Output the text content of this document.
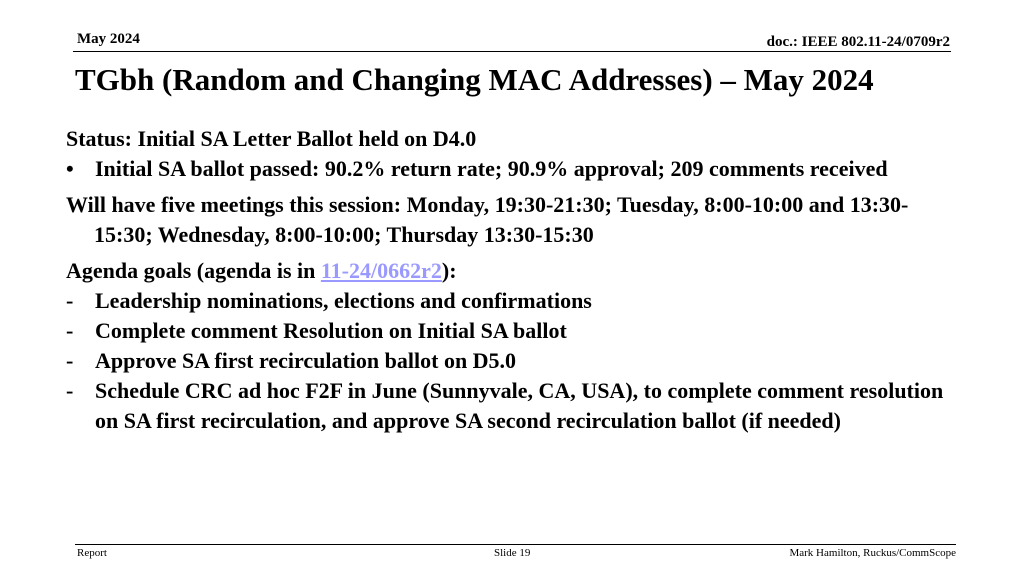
May 2024	doc.: IEEE 802.11-24/0709r2
TGbh (Random and Changing MAC Addresses) – May 2024

Status: Initial SA Letter Ballot held on D4.0

• Initial SA ballot passed: 90.2% return rate; 90.9% approval; 209 comments received

Will have five meetings this session: Monday, 19:30-21:30; Tuesday, 8:00-10:00 and 13:30-15:30; Wednesday, 8:00-10:00; Thursday 13:30-15:30

Agenda goals (agenda is in 11-24/0662r2):

- Leadership nominations, elections and confirmations
- Complete comment Resolution on Initial SA ballot
- Approve SA first recirculation ballot on D5.0
- Schedule CRC ad hoc F2F in June (Sunnyvale, CA, USA), to complete comment resolution on SA first recirculation, and approve SA second recirculation ballot (if needed)
Report	Slide 19	Mark Hamilton, Ruckus/CommScope
